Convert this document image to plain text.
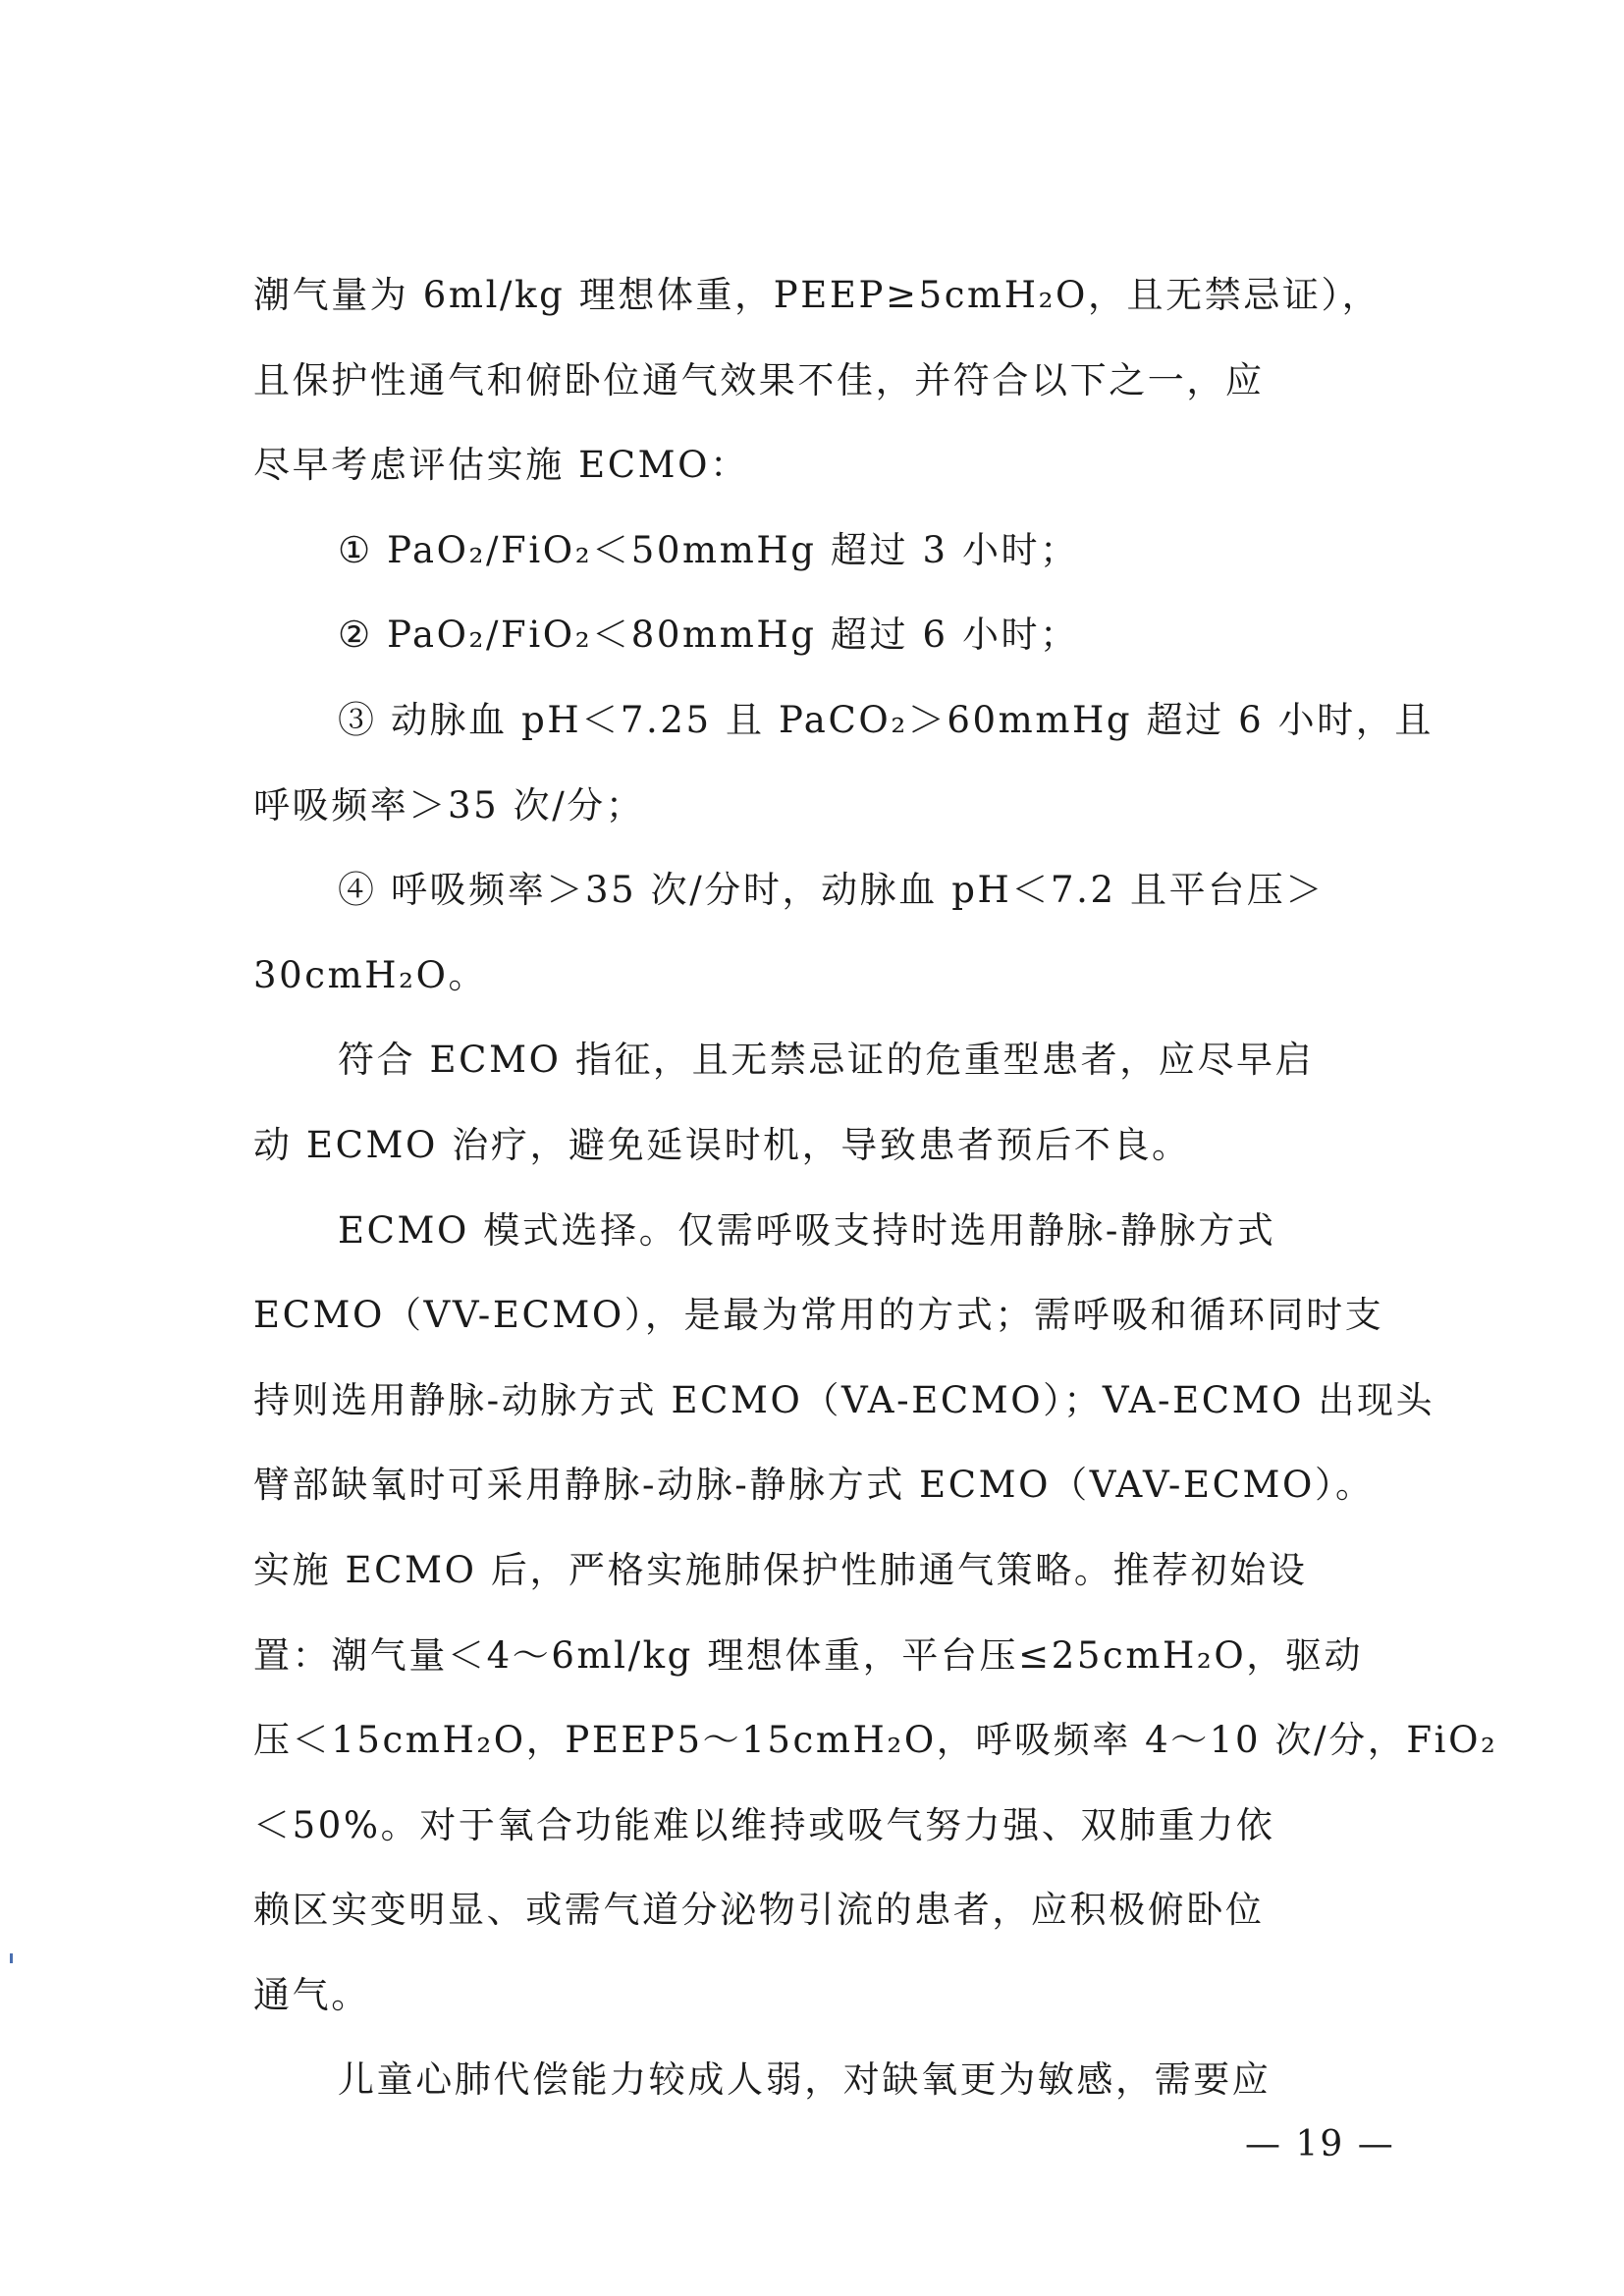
潮气量为 6ml/kg 理想体重，PEEP≥5cmH₂O，且无禁忌证），
且保护性通气和俯卧位通气效果不佳，并符合以下之一，应
尽早考虑评估实施 ECMO：
① PaO₂/FiO₂＜50mmHg 超过 3 小时；
② PaO₂/FiO₂＜80mmHg 超过 6 小时；
③ 动脉血 pH＜7.25 且 PaCO₂＞60mmHg 超过 6 小时，且
呼吸频率＞35 次/分；
④ 呼吸频率＞35 次/分时，动脉血 pH＜7.2 且平台压＞
30cmH₂O。
符合 ECMO 指征，且无禁忌证的危重型患者，应尽早启
动 ECMO 治疗，避免延误时机，导致患者预后不良。
ECMO 模式选择。仅需呼吸支持时选用静脉-静脉方式
ECMO（VV-ECMO），是最为常用的方式；需呼吸和循环同时支
持则选用静脉-动脉方式 ECMO（VA-ECMO）；VA-ECMO 出现头
臂部缺氧时可采用静脉-动脉-静脉方式 ECMO（VAV-ECMO）。
实施 ECMO 后，严格实施肺保护性肺通气策略。推荐初始设
置：潮气量＜4～6ml/kg 理想体重，平台压≤25cmH₂O，驱动
压＜15cmH₂O，PEEP5～15cmH₂O，呼吸频率 4～10 次/分，FiO₂
＜50%。对于氧合功能难以维持或吸气努力强、双肺重力依
赖区实变明显、或需气道分泌物引流的患者，应积极俯卧位
通气。
儿童心肺代偿能力较成人弱，对缺氧更为敏感，需要应
— 19 —
